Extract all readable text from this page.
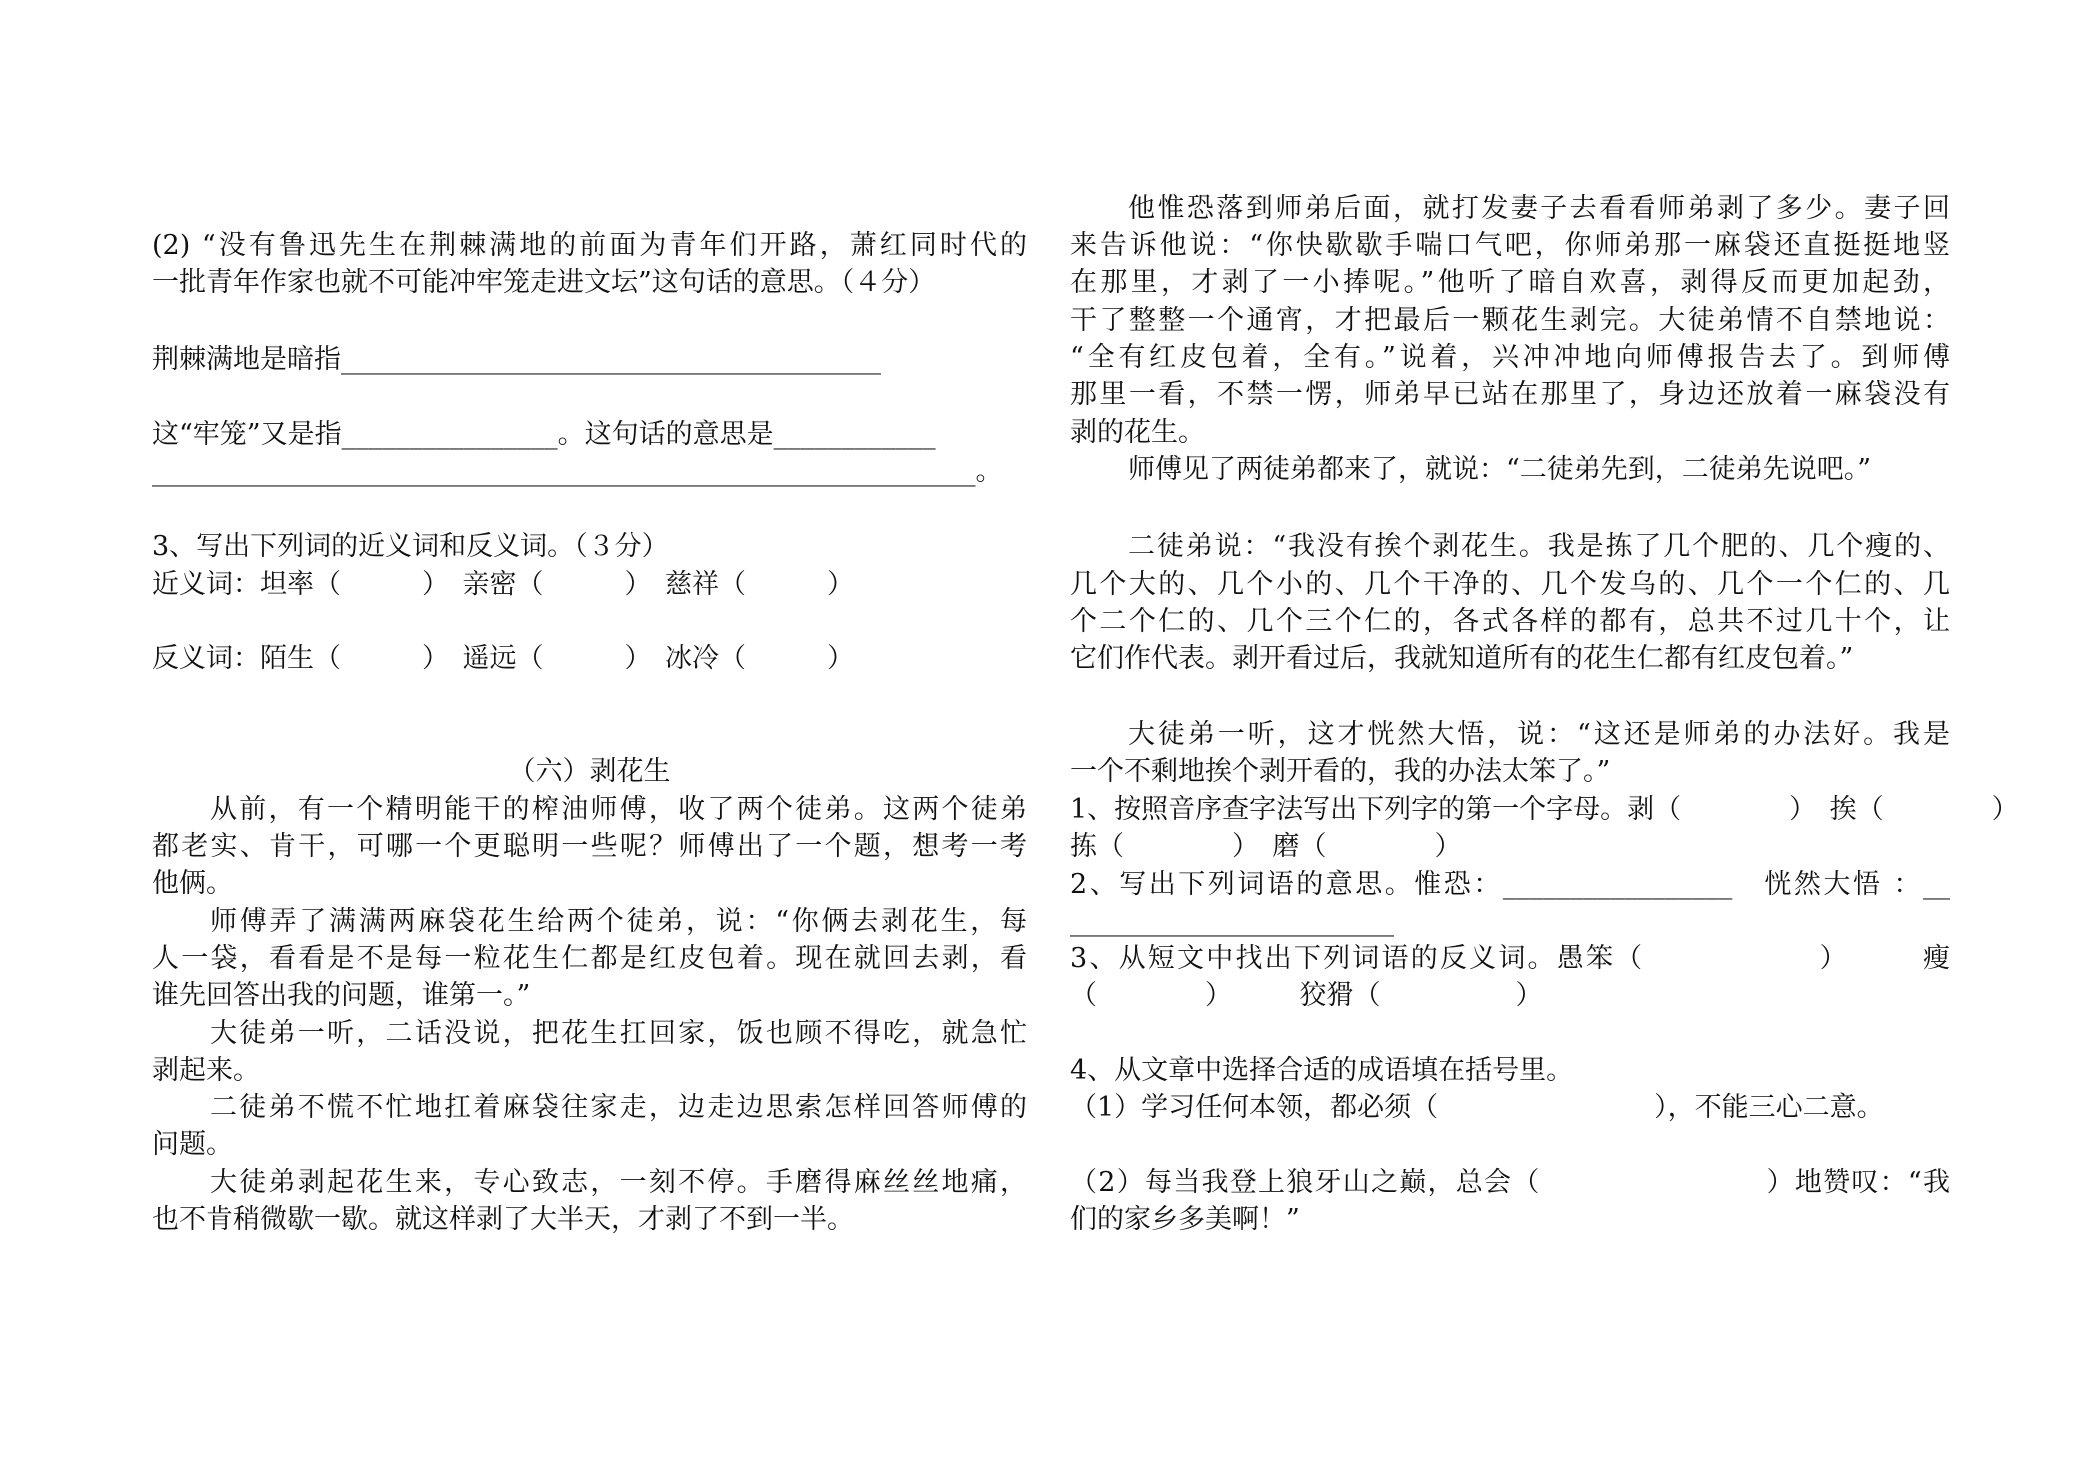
(2) “没有鲁迅先生在荆棘满地的前面为青年们开路，萧红同时代的
一批青年作家也就不可能冲牢笼走进文坛”这句话的意思。（４分）
荆棘满地是暗指________________________________________
这“牢笼”又是指________________。这句话的意思是____________
_____________________________________________________________。
3、写出下列词的近义词和反义词。（３分）
近义词：坦率（　　　）　亲密（　　　）　慈祥（　　　）
反义词：陌生（　　　）　遥远（　　　）　冰冷（　　　）
（六）剥花生
从前，有一个精明能干的榨油师傅，收了两个徒弟。这两个徒弟
都老实、肯干，可哪一个更聪明一些呢？师傅出了一个题，想考一考
他俩。
师傅弄了满满两麻袋花生给两个徒弟，说：“你俩去剥花生，每
人一袋，看看是不是每一粒花生仁都是红皮包着。现在就回去剥，看
谁先回答出我的问题，谁第一。”
大徒弟一听，二话没说，把花生扛回家，饭也顾不得吃，就急忙
剥起来。
二徒弟不慌不忙地扛着麻袋往家走，边走边思索怎样回答师傅的
问题。
大徒弟剥起花生来，专心致志，一刻不停。手磨得麻丝丝地痛，
也不肯稍微歇一歇。就这样剥了大半天，才剥了不到一半。
他惟恐落到师弟后面，就打发妻子去看看师弟剥了多少。妻子回
来告诉他说：“你快歇歇手喘口气吧，你师弟那一麻袋还直挺挺地竖
在那里，才剥了一小捧呢。”他听了暗自欢喜，剥得反而更加起劲，
干了整整一个通宵，才把最后一颗花生剥完。大徒弟情不自禁地说：
“全有红皮包着，全有。”说着，兴冲冲地向师傅报告去了。到师傅
那里一看，不禁一愣，师弟早已站在那里了，身边还放着一麻袋没有
剥的花生。
师傅见了两徒弟都来了，就说：“二徒弟先到，二徒弟先说吧。”
二徒弟说：“我没有挨个剥花生。我是拣了几个肥的、几个瘦的、
几个大的、几个小的、几个干净的、几个发乌的、几个一个仁的、几
个二个仁的、几个三个仁的，各式各样的都有，总共不过几十个，让
它们作代表。剥开看过后，我就知道所有的花生仁都有红皮包着。”
大徒弟一听，这才恍然大悟，说：“这还是师弟的办法好。我是
一个不剩地挨个剥开看的，我的办法太笨了。”
1、按照音序查字法写出下列字的第一个字母。剥（　　　　）　挨（　　　　）
拣（　　　　）　磨（　　　　）
2、写出下列词语的意思。惟恐：_________________　恍然大悟 ：__
________________________
3、从短文中找出下列词语的反义词。愚笨（　　　　　　）　　　瘦
（　　　　）　　　狡猾（　　　　　）
4、从文章中选择合适的成语填在括号里。
（1）学习任何本领，都必须（　　　　　　　　），不能三心二意。
（2）每当我登上狼牙山之巅，总会（　　　　　　　　）地赞叹：“我
们的家乡多美啊！”
